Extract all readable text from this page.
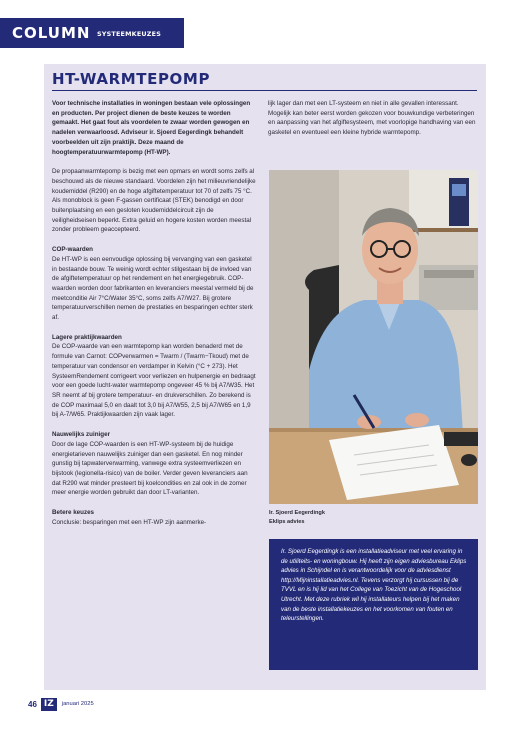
COLUMN SYSTEEMKEUZES
HT-WARMTEPOMP

Voor technische installaties in woningen bestaan vele oplossingen en producten. Per project dienen de beste keuzes te worden gemaakt. Het gaat fout als voordelen te zwaar worden gewogen en nadelen verwaarloosd. Adviseur ir. Sjoerd Eegerdingk behandelt voorbeelden uit zijn praktijk. Deze maand de hoogtemperatuurwarmtepomp (HT-WP).

De propaanwarmtepomp is bezig met een opmars en wordt soms zelfs al beschouwd als de nieuwe standaard. Voordelen zijn het milieuvriendelijke koudemiddel (R290) en de hoge afgiftetemperatuur tot 70 of zelfs 75 °C. Als monoblock is geen F-gassen certificaat (STEK) benodigd en door buitenplaatsing en een gesloten koudemiddelcircuit zijn de veiligheidseisen beperkt. Extra geluid en hogere kosten worden meestal zonder probleem geaccepteerd.

COP-waarden

De HT-WP is een eenvoudige oplossing bij vervanging van een gasketel in bestaande bouw. Te weinig wordt echter stilgestaan bij de invloed van de afgiftetemperatuur op het rendement en het energiegebruik. COP-waarden worden door fabrikanten en leveranciers meestal vermeld bij de meetconditie Air 7°C/Water 35°C, soms zelfs A7/W27. Bij grotere temperatuurverschillen nemen de prestaties en besparingen echter sterk af.

Lagere praktijkwaarden

De COP-waarde van een warmtepomp kan worden benaderd met de formule van Carnot: COPverwarmen = Twarm / (Twarm−Tkoud) met de temperatuur van condensor en verdamper in Kelvin (°C + 273). Het SysteemRendement corrigeert voor verliezen en hulpenergie en bedraagt voor een goede lucht-water warmtepomp ongeveer 45 % bij A7/W35. Het SR neemt af bij grotere temperatuur- en drukverschillen. Zo berekend is de COP maximaal 5,0 en daalt tot 3,0 bij A7/W55, 2,5 bij A7/W65 en 1,9 bij A-7/W65. Praktijkwaarden zijn vaak lager.

Nauwelijks zuiniger

Door de lage COP-waarden is een HT-WP-systeem bij de huidige energietarieven nauwelijks zuiniger dan een gasketel. En nog minder gunstig bij tapwaterverwarming, vanwege extra systeemverliezen en bijstook (legionella-risico) van de boiler. Verder geven leveranciers aan dat R290 wat minder presteert bij koelcondities en zal ook in de zomer meer energie worden gebruikt dan door LT-varianten.

Betere keuzes

Conclusie: besparingen met een HT-WP zijn aanmerke-

lijk lager dan met een LT-systeem en niet in alle gevallen interessant. Mogelijk kan beter eerst worden gekozen voor bouwkundige verbeteringen en aanpassing van het afgiftesysteem, met voorlopige handhaving van een gasketel en eventueel een kleine hybride warmtepomp.

Ir. Sjoerd Eegerdingk
Eklips advies

Ir. Sjoerd Eegerdingk is een installatieadviseur met veel ervaring in de utiliteits- en woningbouw. Hij heeft zijn eigen adviesbureau Eklips advies in Schijndel en is verantwoordelijk voor de adviesdienst http://Mijninstallatieadvies.nl. Tevens verzorgt hij cursussen bij de TVVL en is hij lid van het College van Toezicht van de Hogeschool Utrecht. Met deze rubriek wil hij installateurs helpen bij het maken van de beste installatiekeuzes en het voorkomen van fouten en teleurstellingen.

46 IZ	januari 2025
